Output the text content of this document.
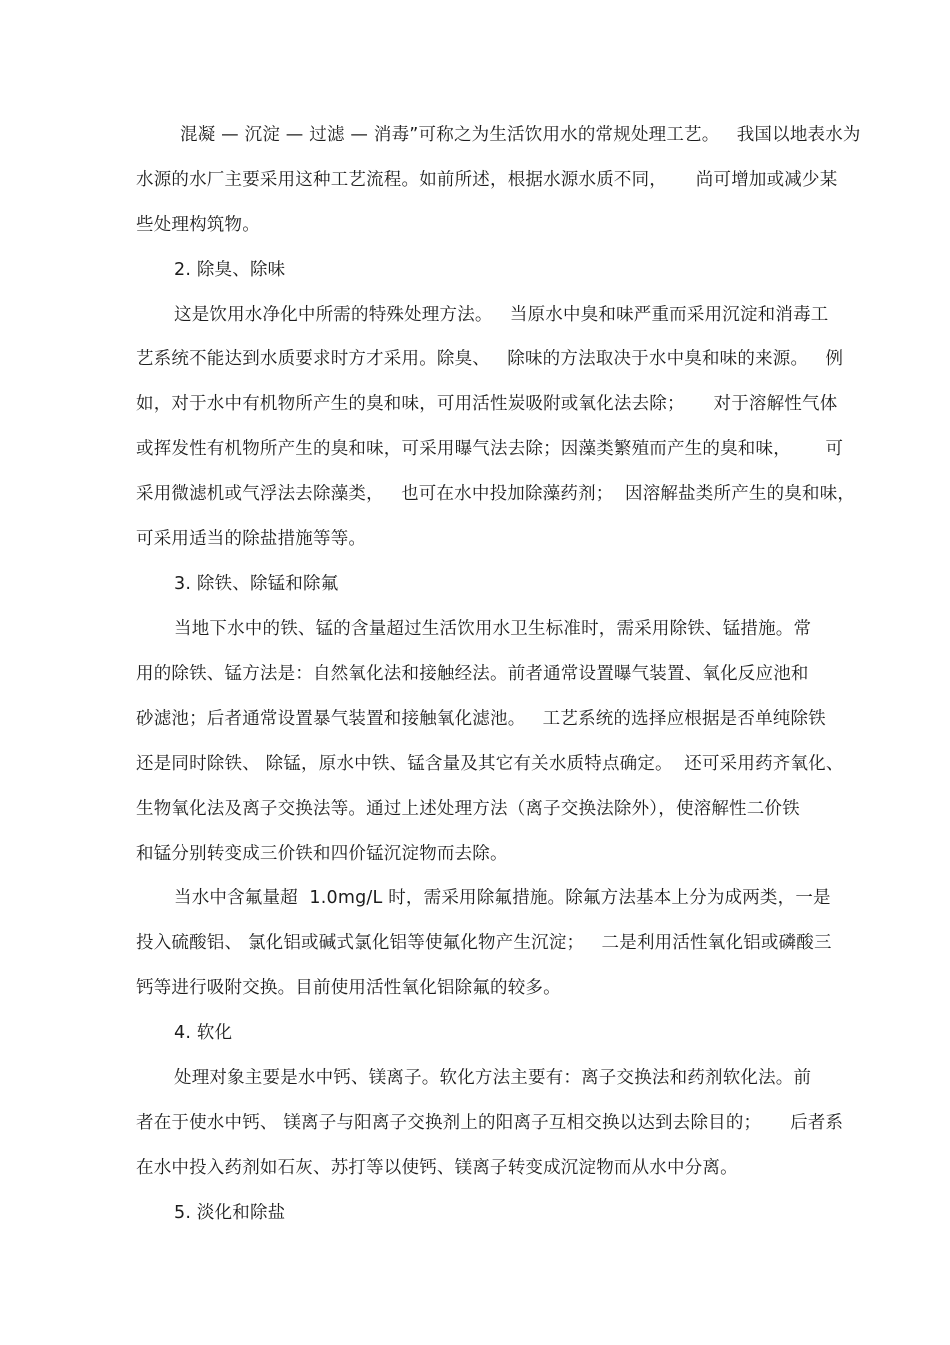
混凝 — 沉淀 — 过滤 — 消毒”可称之为生活饮用水的常规处理工艺。   我国以地表水为

水源的水厂主要采用这种工艺流程。如前所述，根据水源水质不同，     尚可增加或减少某

些处理构筑物。

2. 除臭、除味

这是饮用水净化中所需的特殊处理方法。   当原水中臭和味严重而采用沉淀和消毒工

艺系统不能达到水质要求时方才采用。除臭、   除味的方法取决于水中臭和味的来源。   例

如，对于水中有机物所产生的臭和味，可用活性炭吸附或氧化法去除；     对于溶解性气体

或挥发性有机物所产生的臭和味，可采用曝气法去除；因藻类繁殖而产生的臭和味，      可

采用微滤机或气浮法去除藻类，   也可在水中投加除藻药剂；  因溶解盐类所产生的臭和味，

可采用适当的除盐措施等等。

3. 除铁、除锰和除氟

当地下水中的铁、锰的含量超过生活饮用水卫生标准时，需采用除铁、锰措施。常

用的除铁、锰方法是：自然氧化法和接触经法。前者通常设置曝气装置、氧化反应池和

砂滤池；后者通常设置暴气装置和接触氧化滤池。   工艺系统的选择应根据是否单纯除铁

还是同时除铁、 除锰，原水中铁、锰含量及其它有关水质特点确定。  还可采用药齐氧化、

生物氧化法及离子交换法等。通过上述处理方法（离子交换法除外），使溶解性二价铁

和锰分别转变成三价铁和四价锰沉淀物而去除。

当水中含氟量超  1.0mg/L 时，需采用除氟措施。除氟方法基本上分为成两类，一是

投入硫酸铝、 氯化铝或碱式氯化铝等使氟化物产生沉淀；   二是利用活性氧化铝或磷酸三

钙等进行吸附交换。目前使用活性氧化铝除氟的较多。

4. 软化

处理对象主要是水中钙、镁离子。软化方法主要有：离子交换法和药剂软化法。前

者在于使水中钙、 镁离子与阳离子交换剂上的阳离子互相交换以达到去除目的；     后者系

在水中投入药剂如石灰、苏打等以使钙、镁离子转变成沉淀物而从水中分离。

5. 淡化和除盐
